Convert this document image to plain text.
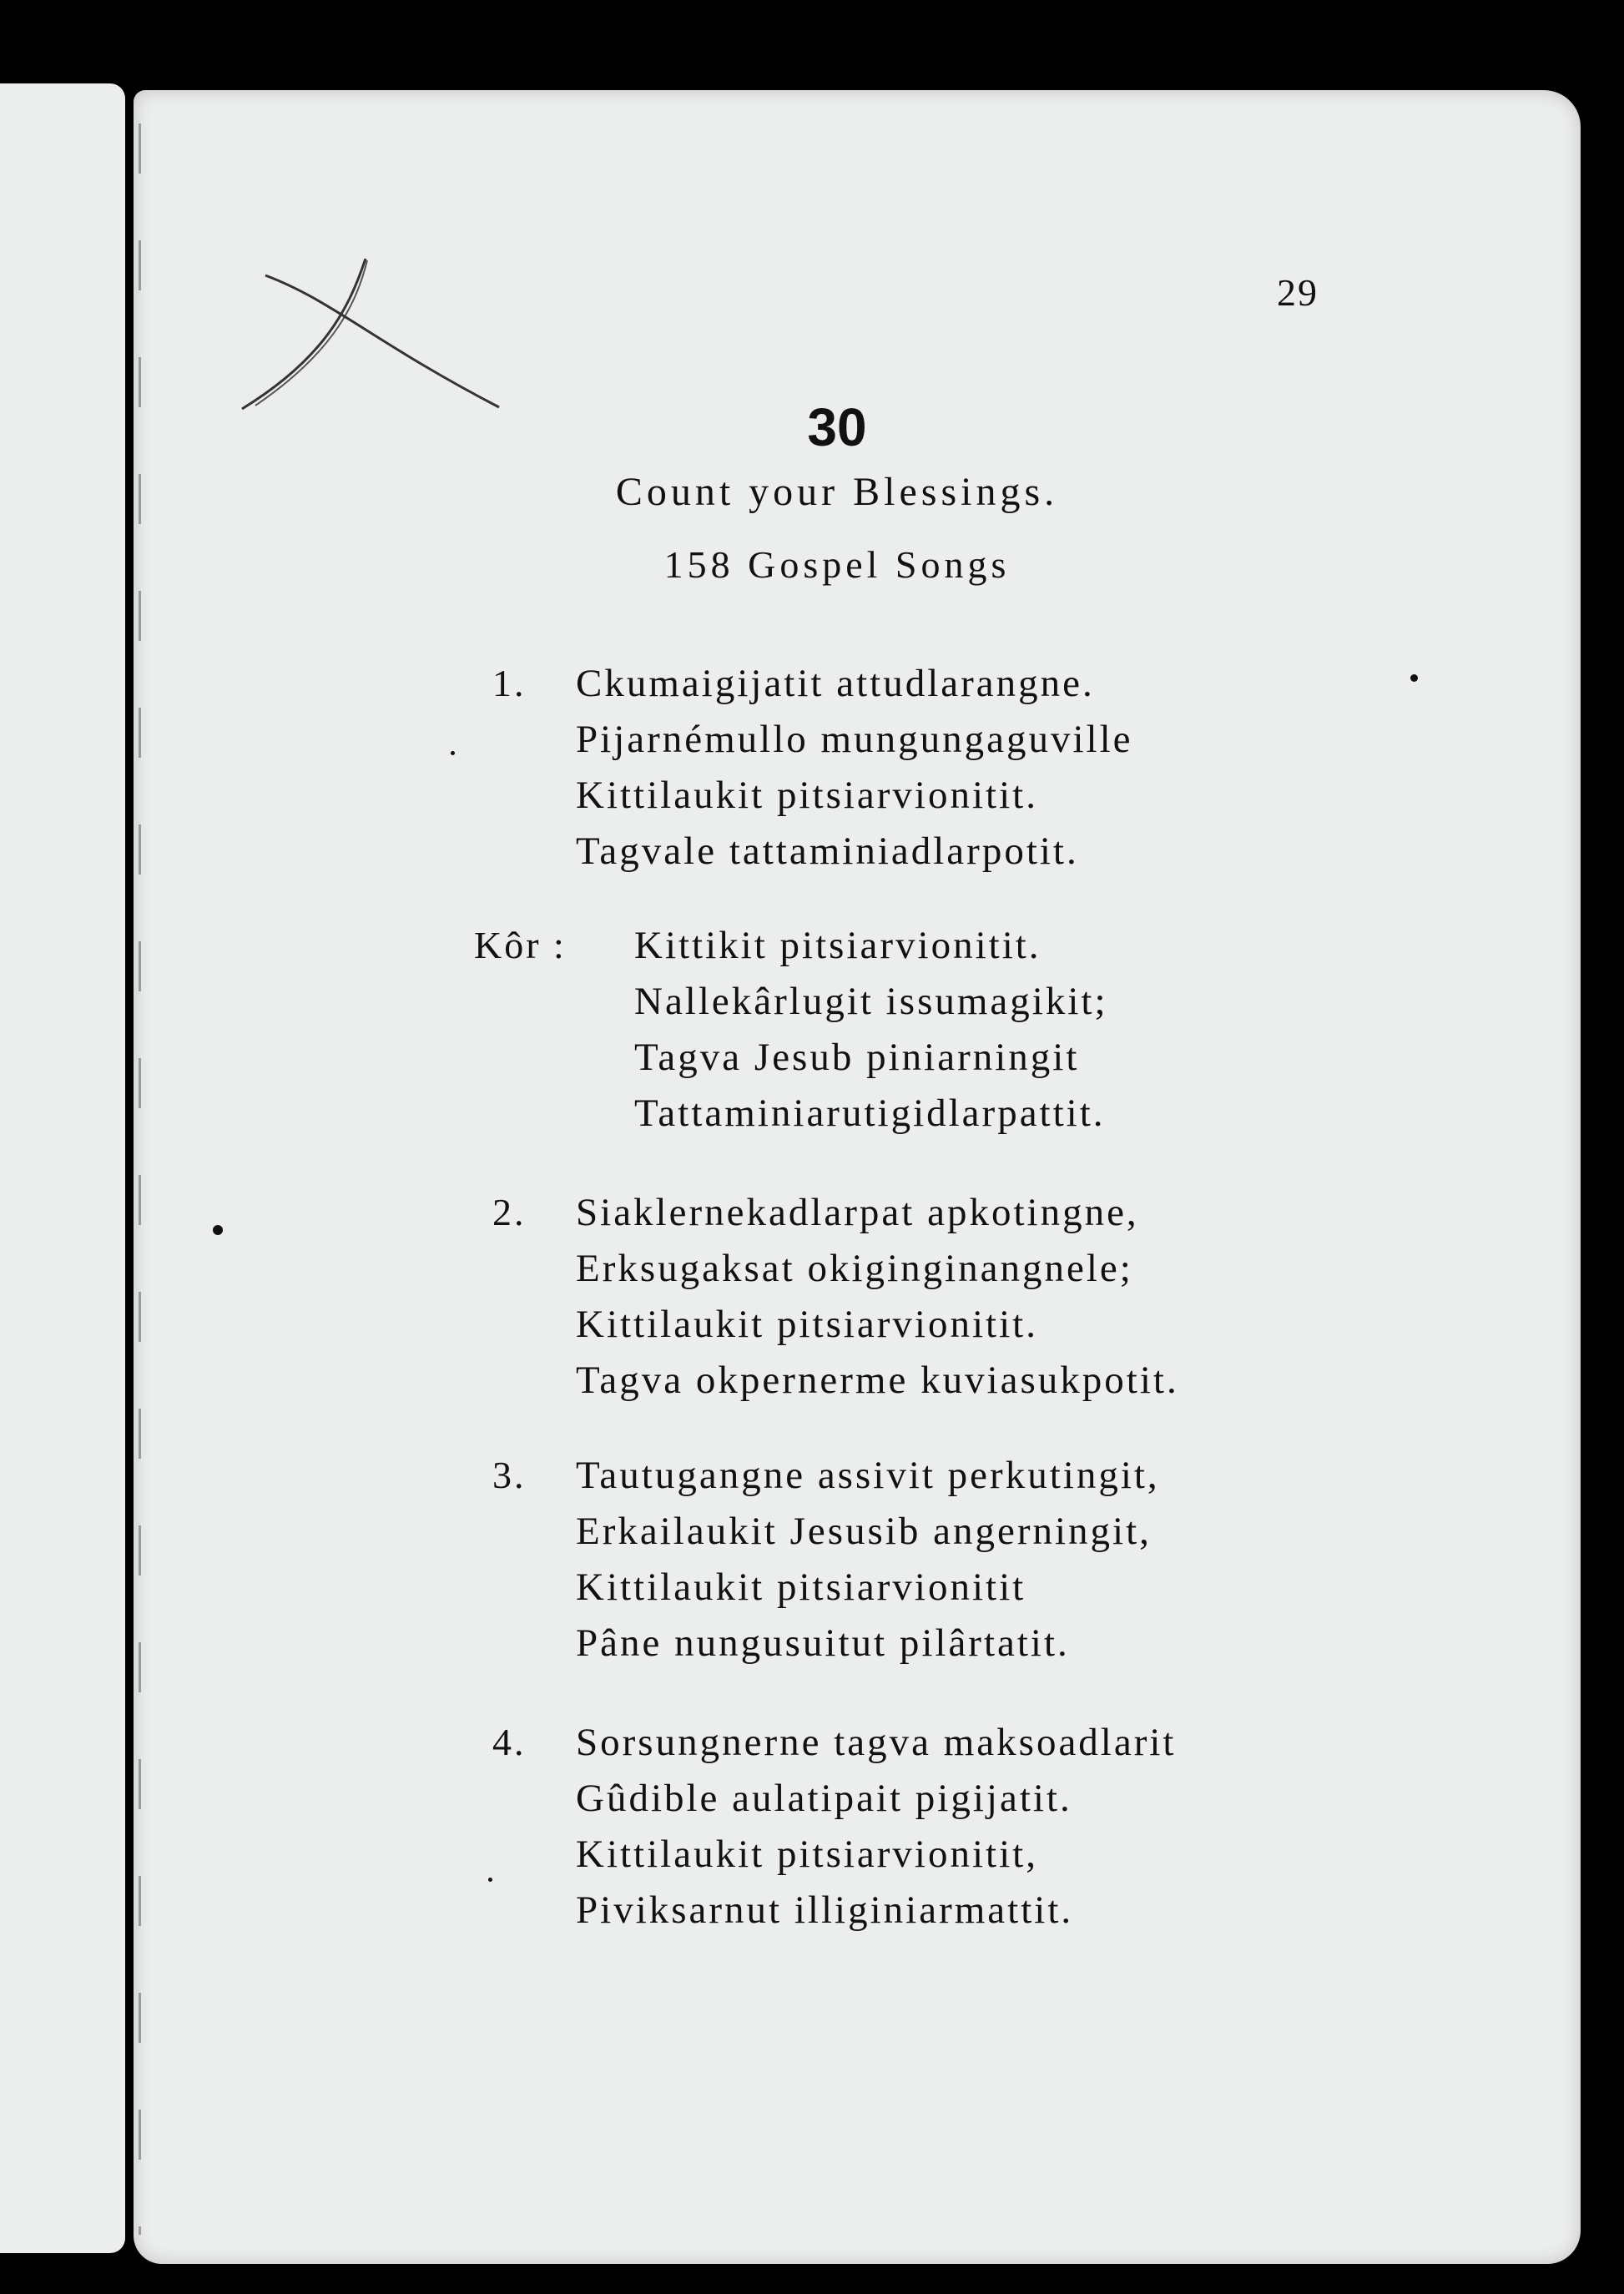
29
30
Count your Blessings.
158 Gospel Songs
1. Ckumaigijatit attudlarangne.
Pijarnémullo mungungaguville
Kittilaukit pitsiarvionitit.
Tagvale tattaminiadlarpotit.
Kôr : Kittikit pitsiarvionitit.
Nallekârlugit issumagikit;
Tagva Jesub piniarningit
Tattaminiarutigidlarpattit.
2. Siaklernekadlarpat apkotingne,
Erksugaksat okiginginangnele;
Kittilaukit pitsiarvionitit.
Tagva okpernerme kuviasukpotit.
3. Tautugangne assivit perkutingit,
Erkailaukit Jesusib angerningit,
Kittilaukit pitsiarvionitit
Pâne nungusuitut pilârtatit.
4. Sorsungnerne tagva maksoadlarit
Gûdible aulatipait pigijatit.
Kittilaukit pitsiarvionitit,
Piviksarnut illiginiarmattit.
